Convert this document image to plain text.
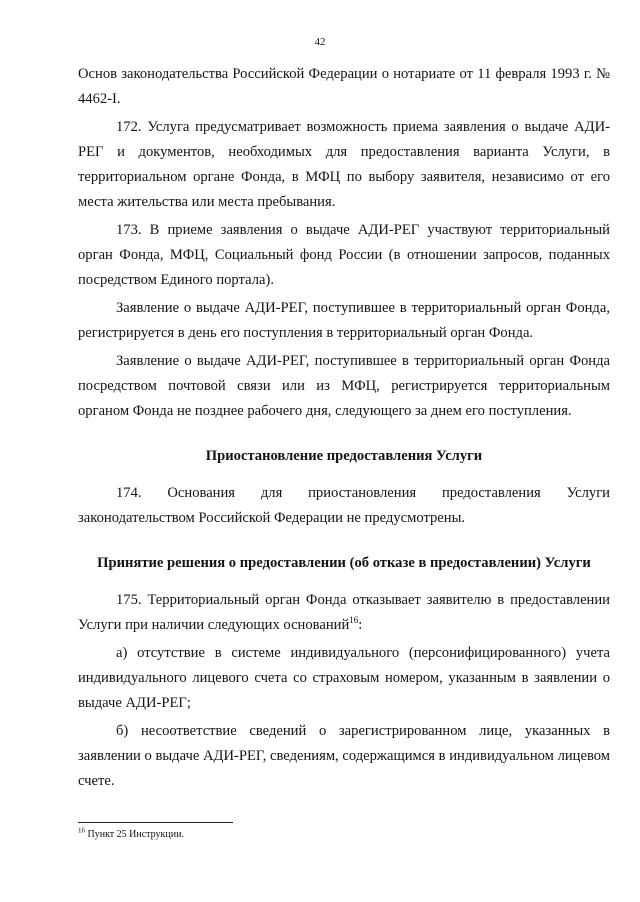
42

Основ законодательства Российской Федерации о нотариате от 11 февраля 1993 г. № 4462-I.

172. Услуга предусматривает возможность приема заявления о выдаче АДИ-РЕГ и документов, необходимых для предоставления варианта Услуги, в территориальном органе Фонда, в МФЦ по выбору заявителя, независимо от его места жительства или места пребывания.

173. В приеме заявления о выдаче АДИ-РЕГ участвуют территориальный орган Фонда, МФЦ, Социальный фонд России (в отношении запросов, поданных посредством Единого портала).

Заявление о выдаче АДИ-РЕГ, поступившее в территориальный орган Фонда, регистрируется в день его поступления в территориальный орган Фонда.

Заявление о выдаче АДИ-РЕГ, поступившее в территориальный орган Фонда посредством почтовой связи или из МФЦ, регистрируется территориальным органом Фонда не позднее рабочего дня, следующего за днем его поступления.

Приостановление предоставления Услуги

174. Основания для приостановления предоставления Услуги законодательством Российской Федерации не предусмотрены.

Принятие решения о предоставлении (об отказе в предоставлении) Услуги

175. Территориальный орган Фонда отказывает заявителю в предоставлении Услуги при наличии следующих оснований$^{16}$:

а) отсутствие в системе индивидуального (персонифицированного) учета индивидуального лицевого счета со страховым номером, указанным в заявлении о выдаче АДИ-РЕГ;

б) несоответствие сведений о зарегистрированном лице, указанных в заявлении о выдаче АДИ-РЕГ, сведениям, содержащимся в индивидуальном лицевом счете.

$^{16}$ Пункт 25 Инструкции.
